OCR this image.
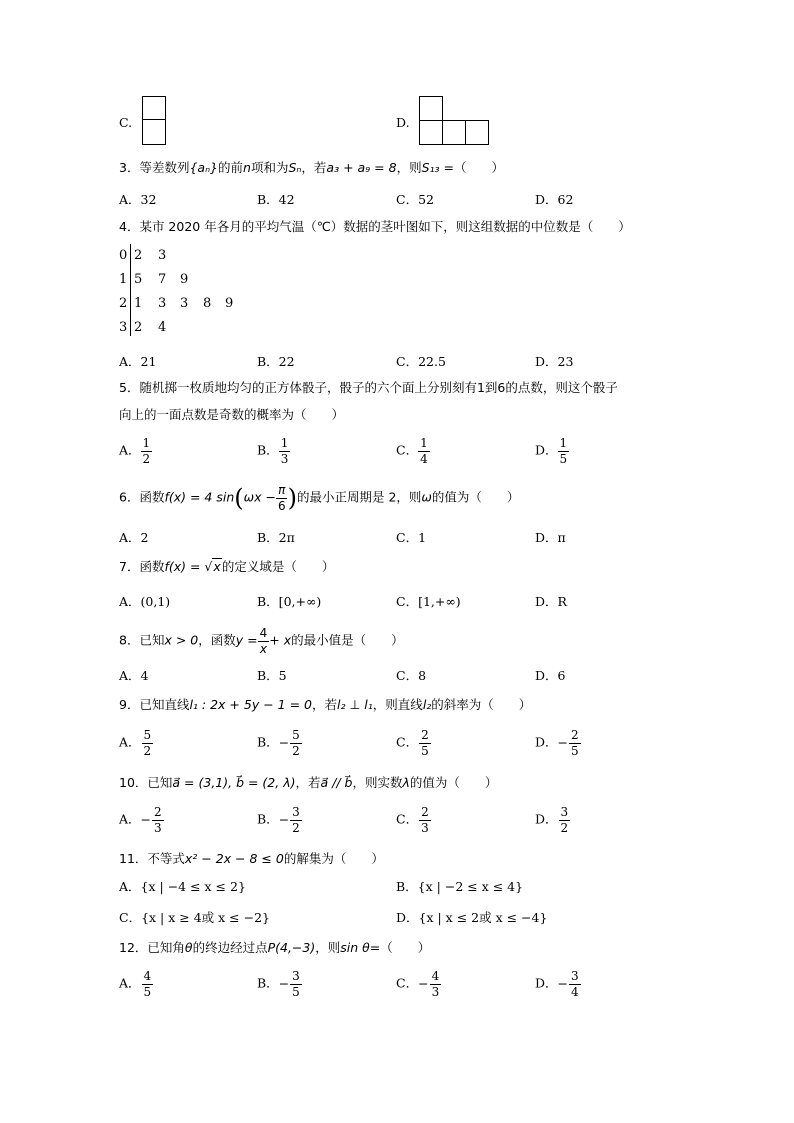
C.	D.
3．等差数列{aₙ}的前n项和为Sₙ，若a₃ + a₉ = 8，则S₁₃ =（　　）
A．32	B．42	C．52	D．62
4．某市 2020 年各月的平均气温（℃）数据的茎叶图如下，则这组数据的中位数是（　　）
0 2 3
1 5 7 9
2 1 3 3 8 9
3 2 4
A．21	B．22	C．22.5	D．23
5．随机掷一枚质地均匀的正方体骰子，骰子的六个面上分别刻有1到6的点数，则这个骰子
向上的一面点数是奇数的概率为（　　）
A． $\frac{1}{2}$	B． $\frac{1}{3}$	C． $\frac{1}{4}$	D． $\frac{1}{5}$
6．函数f(x) = 4 $\sin(\omega x - \frac{\pi}{6}$ )的最小正周期是 2，则ω的值为（　　）
A．2	B．2π	C．1	D．π
7．函数f(x) = √x的定义域是（　　）
A．(0,1)	B．[0,+∞)	C．[1,+∞)	D．R
8．已知x > 0，函数$y = \frac{4}{x} + x$的最小值是（　　）
A．4	B．5	C．8	D．6
9．已知直线l₁ : 2x + 5y − 1 = 0，若l₂ ⊥ l₁，则直线l₂的斜率为（　　）
A． $\frac{5}{2}$	B．− $\frac{5}{2}$	C． $\frac{2}{5}$	D．− $\frac{2}{5}$
10．已知a⃗ = (3,1), b⃗ = (2, λ)，若a⃗ // b⃗，则实数λ的值为（　　）
A．− $\frac{2}{3}$	B．− $\frac{3}{2}$	C． $\frac{2}{3}$	D． $\frac{3}{2}$
11．不等式x² − 2x − 8 ≤ 0的解集为（　　）
A．{x | −4 ≤ x ≤ 2}	B．{x | −2 ≤ x ≤ 4}
C．{x | x ≥ 4或 x ≤ −2}	D．{x | x ≤ 2或 x ≤ −4}
12．已知角θ的终边经过点P(4,−3)，则sin θ=（　　）
A． $\frac{4}{5}$	B．− $\frac{3}{5}$	C．− $\frac{4}{3}$	D．− $\frac{3}{4}$
